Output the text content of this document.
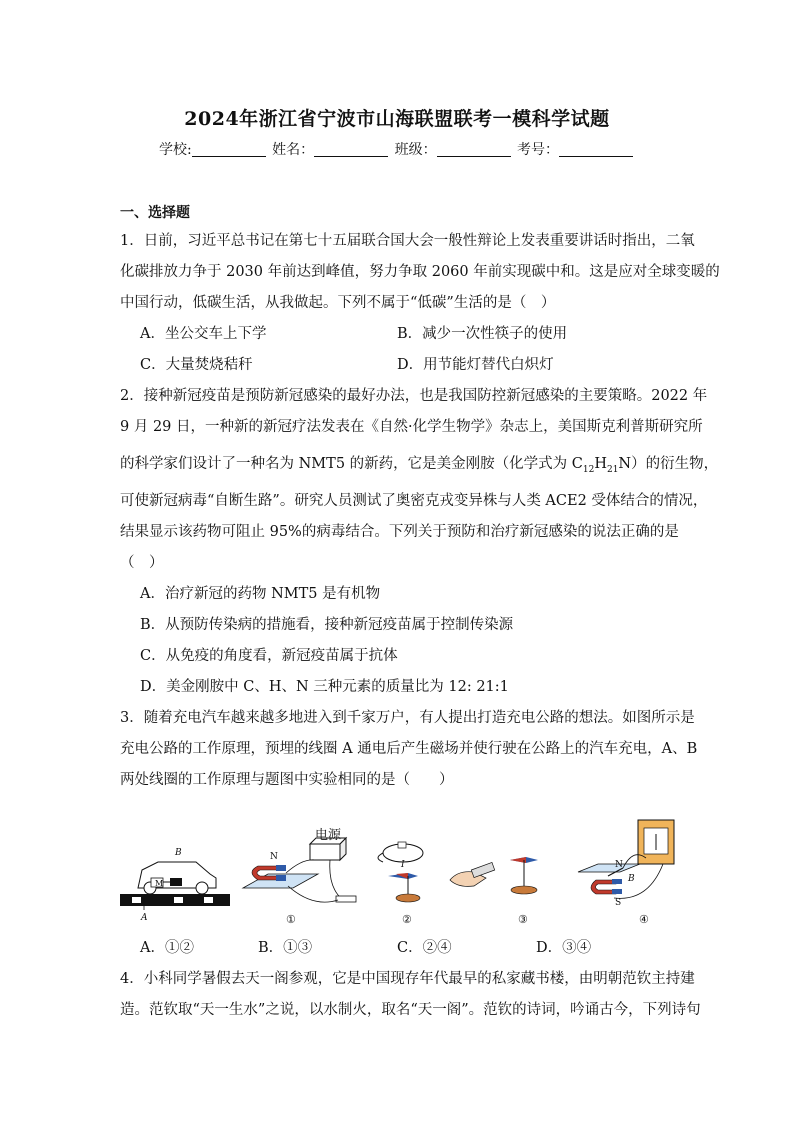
2024年浙江省宁波市山海联盟联考一模科学试题
学校:	姓名：	班级：	考号：
一、选择题
1．日前，习近平总书记在第七十五届联合国大会一般性辩论上发表重要讲话时指出，二氧
化碳排放力争于 2030 年前达到峰值，努力争取 2060 年前实现碳中和。这是应对全球变暖的
中国行动，低碳生活，从我做起。下列不属于“低碳”生活的是（　）
A．坐公交车上下学	B．减少一次性筷子的使用
C．大量焚烧秸秆	D．用节能灯替代白炽灯
2．接种新冠疫苗是预防新冠感染的最好办法，也是我国防控新冠感染的主要策略。2022 年
9 月 29 日，一种新的新冠疗法发表在《自然·化学生物学》杂志上，美国斯克利普斯研究所
的科学家们设计了一种名为 NMT5 的新药，它是美金刚胺（化学式为 $C_{12}H_{21}N$）的衍生物，
可使新冠病毒“自断生路”。研究人员测试了奥密克戎变异株与人类 ACE2 受体结合的情况，
结果显示该药物可阻止 95%的病毒结合。下列关于预防和治疗新冠感染的说法正确的是
（　）
A．治疗新冠的药物 NMT5 是有机物
B．从预防传染病的措施看，接种新冠疫苗属于控制传染源
C．从免疫的角度看，新冠疫苗属于抗体
D．美金刚胺中 C、H、N 三种元素的质量比为 12: 21:1
3．随着充电汽车越来越多地进入到千家万户，有人提出打造充电公路的想法。如图所示是
充电公路的工作原理，预埋的线圈 A 通电后产生磁场并使行驶在公路上的汽车充电，A、B
两处线圈的工作原理与题图中实验相同的是（　　）
电源
B
M
A
N
I	N
B
S
①	②	③	④
A．①②	B．①③	C．②④	D．③④
4．小科同学暑假去天一阁参观，它是中国现存年代最早的私家藏书楼，由明朝范钦主持建
造。范钦取“天一生水”之说，以水制火，取名“天一阁”。范钦的诗词，吟诵古今，下列诗句
